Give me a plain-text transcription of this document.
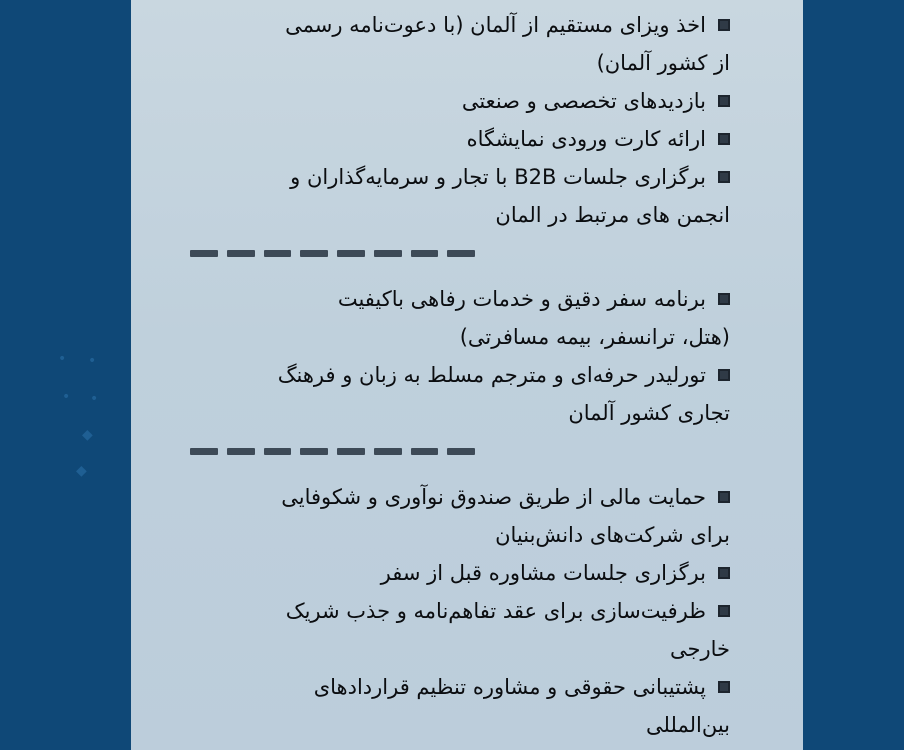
اخذ ویزای مستقیم از آلمان (با دعوت‌نامه رسمی
از کشور آلمان)
بازدیدهای تخصصی و صنعتی
ارائه کارت ورودی نمایشگاه
برگزاری جلسات B2B با تجار و سرمایه‌گذاران و
انجمن های مرتبط در المان
برنامه سفر دقیق و خدمات رفاهی باکیفیت
(هتل، ترانسفر، بیمه مسافرتی)
تورلیدر حرفه‌ای و مترجم مسلط به زبان و فرهنگ
تجاری کشور آلمان
حمایت مالی از طریق صندوق نوآوری و شکوفایی
برای شرکت‌های دانش‌بنیان
برگزاری جلسات مشاوره قبل از سفر
ظرفیت‌سازی برای عقد تفاهم‌نامه و جذب شریک
خارجی
پشتیبانی حقوقی و مشاوره تنظیم قراردادهای
بین‌المللی
• •
• •
◆
◆
